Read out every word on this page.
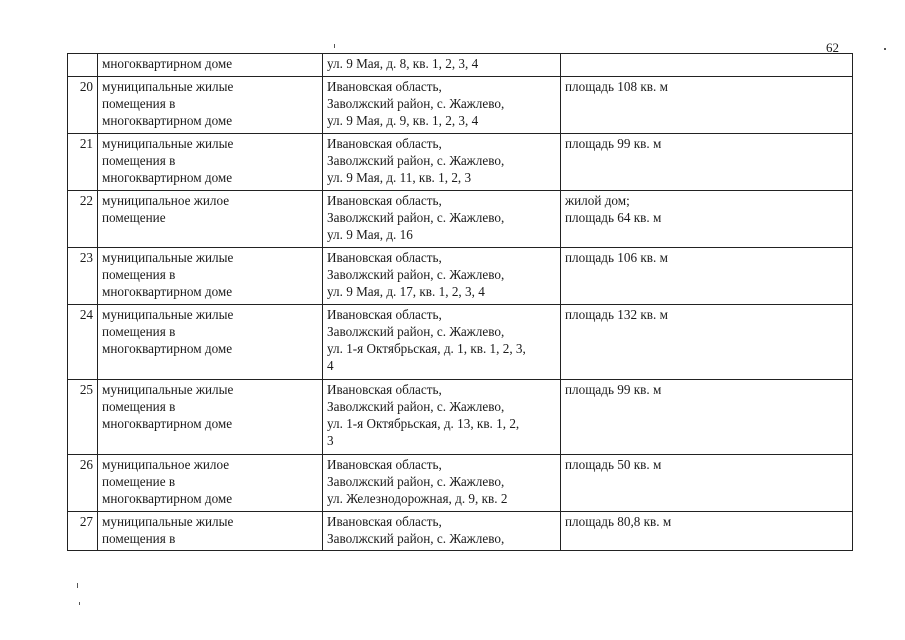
62
	многоквартирном доме	ул. 9 Мая, д. 8, кв. 1, 2, 3, 4	
20	муниципальные жилые
помещения в
многоквартирном доме	Ивановская область,
Заволжский район, с. Жажлево,
ул. 9 Мая, д. 9, кв. 1, 2, 3, 4	площадь 108 кв. м
21	муниципальные жилые
помещения в
многоквартирном доме	Ивановская область,
Заволжский район, с. Жажлево,
ул. 9 Мая, д. 11, кв. 1, 2, 3	площадь 99 кв. м
22	муниципальное жилое
помещение	Ивановская область,
Заволжский район, с. Жажлево,
ул. 9 Мая, д. 16	жилой дом;
площадь 64 кв. м
23	муниципальные жилые
помещения в
многоквартирном доме	Ивановская область,
Заволжский район, с. Жажлево,
ул. 9 Мая, д. 17, кв. 1, 2, 3, 4	площадь 106 кв. м
24	муниципальные жилые
помещения в
многоквартирном доме	Ивановская область,
Заволжский район, с. Жажлево,
ул. 1-я Октябрьская, д. 1, кв. 1, 2, 3,
4	площадь 132 кв. м
25	муниципальные жилые
помещения в
многоквартирном доме	Ивановская область,
Заволжский район, с. Жажлево,
ул. 1-я Октябрьская, д. 13, кв. 1, 2,
3	площадь 99 кв. м
26	муниципальное жилое
помещение в
многоквартирном доме	Ивановская область,
Заволжский район, с. Жажлево,
ул. Железнодорожная, д. 9, кв. 2	площадь 50 кв. м
27	муниципальные жилые
помещения в	Ивановская область,
Заволжский район, с. Жажлево,	площадь 80,8 кв. м
